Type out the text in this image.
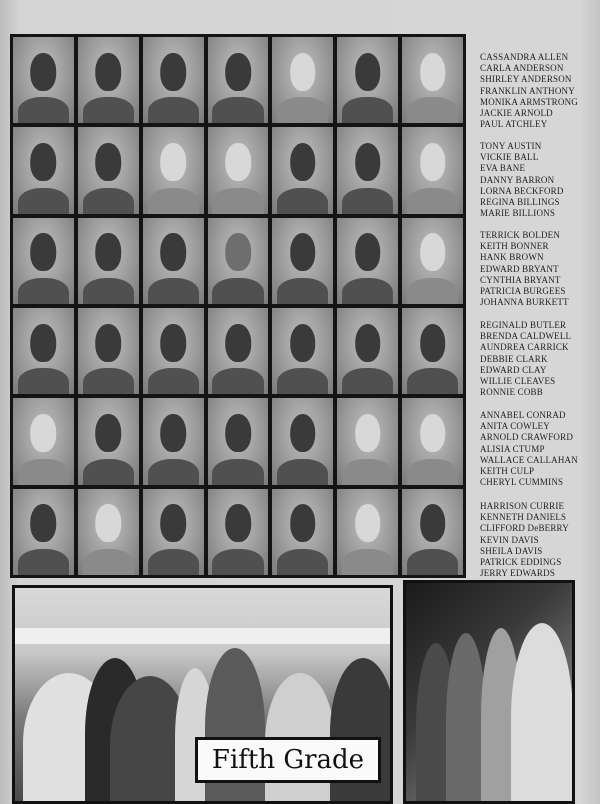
CASSANDRA ALLEN
CARLA ANDERSON
SHIRLEY ANDERSON
FRANKLIN ANTHONY
MONIKA ARMSTRONG
JACKIE ARNOLD
PAUL ATCHLEY
TONY AUSTIN
VICKIE BALL
EVA BANE
DANNY BARRON
LORNA BECKFORD
REGINA BILLINGS
MARIE BILLIONS
TERRICK BOLDEN
KEITH BONNER
HANK BROWN
EDWARD BRYANT
CYNTHIA BRYANT
PATRICIA BURGEES
JOHANNA BURKETT
REGINALD BUTLER
BRENDA CALDWELL
AUNDREA CARRICK
DEBBIE CLARK
EDWARD CLAY
WILLIE CLEAVES
RONNIE COBB
ANNABEL CONRAD
ANITA COWLEY
ARNOLD CRAWFORD
ALISIA CTUMP
WALLACE CALLAHAN
KEITH CULP
CHERYL CUMMINS
HARRISON CURRIE
KENNETH DANIELS
CLIFFORD DeBERRY
KEVIN DAVIS
SHEILA DAVIS
PATRICK EDDINGS
JERRY EDWARDS
Fifth Grade
